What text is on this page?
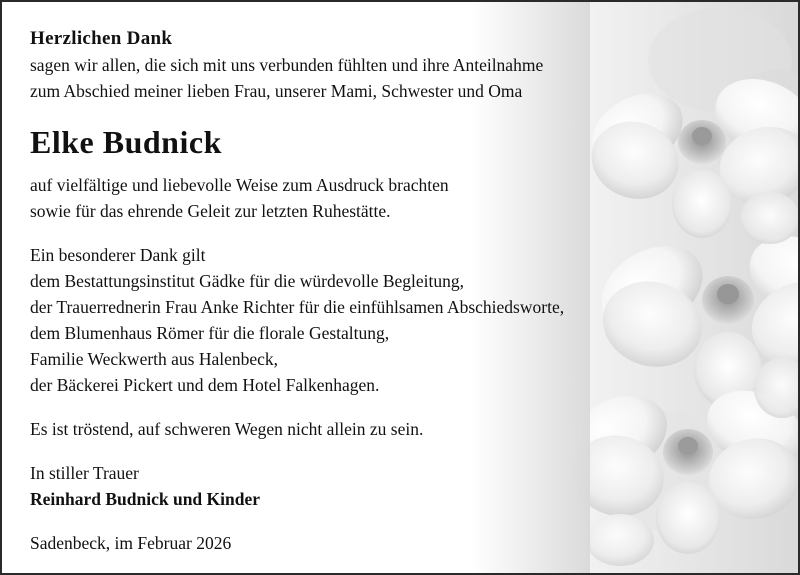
Herzlichen Dank
sagen wir allen, die sich mit uns verbunden fühlten und ihre Anteilnahme
zum Abschied meiner lieben Frau, unserer Mami, Schwester und Oma
Elke Budnick
auf vielfältige und liebevolle Weise zum Ausdruck brachten
sowie für das ehrende Geleit zur letzten Ruhestätte.
Ein besonderer Dank gilt
dem Bestattungsinstitut Gädke für die würdevolle Begleitung,
der Trauerrednerin Frau Anke Richter für die einfühlsamen Abschiedsworte,
dem Blumenhaus Römer für die florale Gestaltung,
Familie Weckwerth aus Halenbeck,
der Bäckerei Pickert und dem Hotel Falkenhagen.
Es ist tröstend, auf schweren Wegen nicht allein zu sein.
In stiller Trauer
Reinhard Budnick und Kinder
Sadenbeck, im Februar 2026
